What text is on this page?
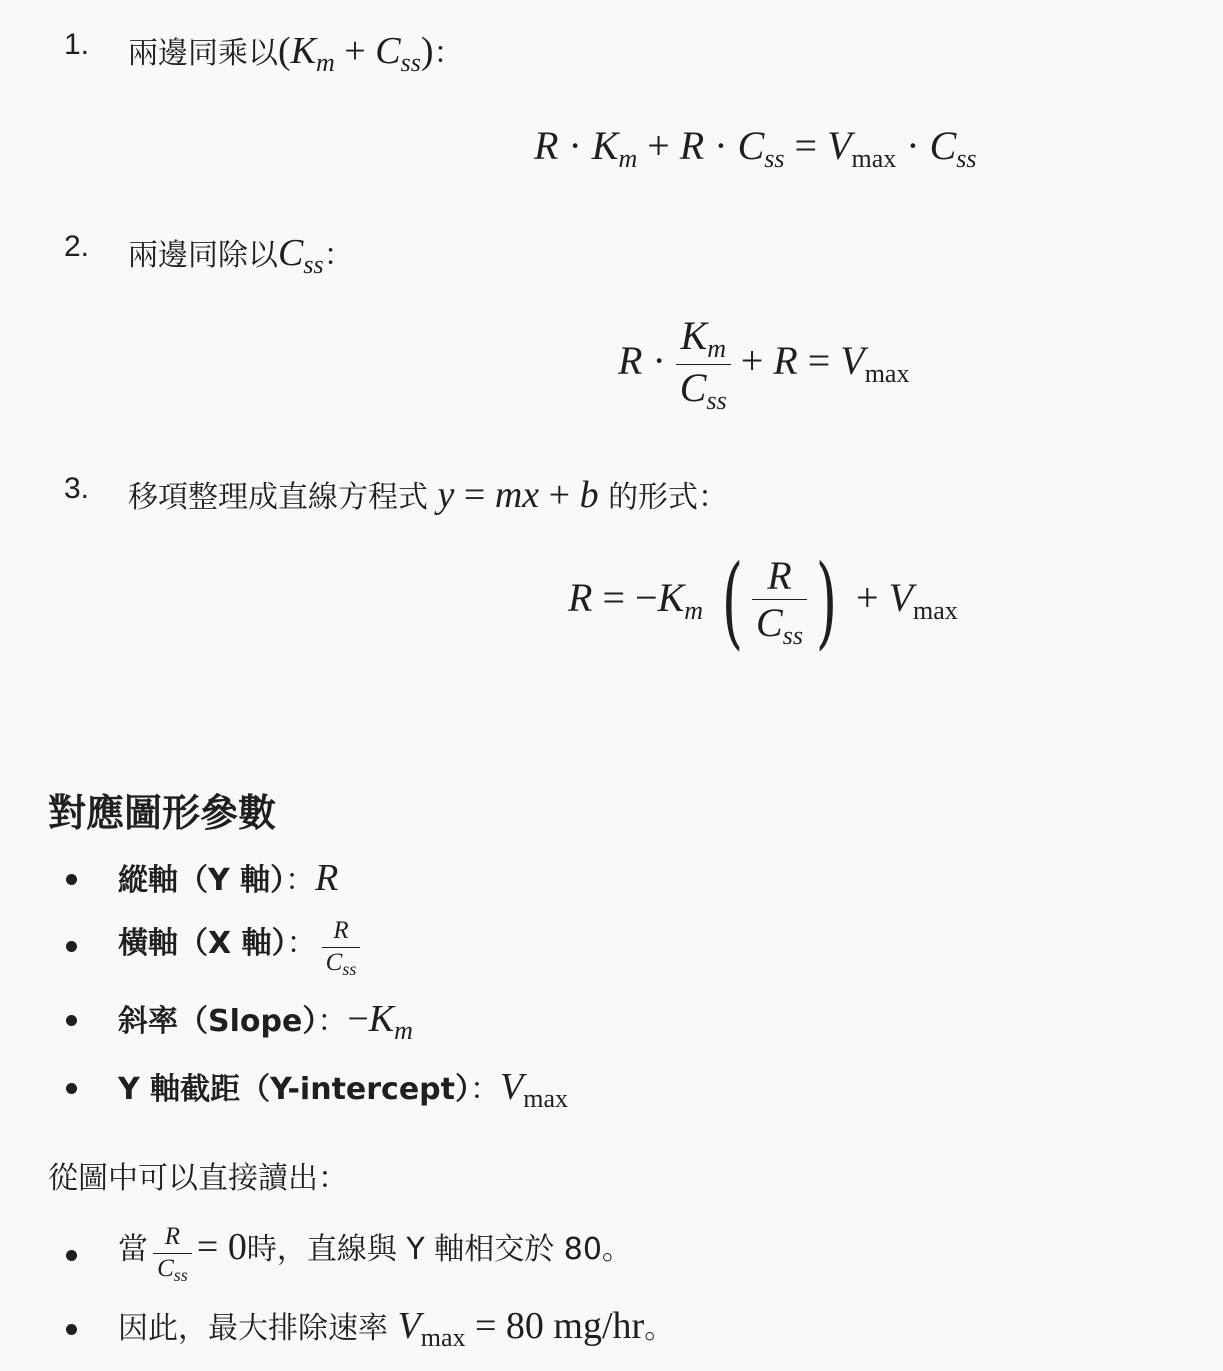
1. 兩邊同乘以$(K_m + C_{ss})$：
$R \cdot K_m + R \cdot C_{ss} = V_{max} \cdot C_{ss}$
2. 兩邊同除以$C_{ss}$：
$R \cdot \frac{K_m}{C_{ss}} + R = V_{max}$
3. 移項整理成直線方程式 y = mx + b 的形式：
$R = -K_m$ ( $\frac{R}{C_{ss}}$ ) + $V_{max}$
對應圖形參數
縱軸（Y 軸）：R
橫軸（X 軸）： $\frac{R}{C_{ss}}$
斜率（Slope）：$-K_m$
Y 軸截距（Y-intercept）：$V_{max}$
從圖中可以直接讀出：
當 $\frac{R}{C_{ss}} = 0$時，直線與 Y 軸相交於 80。
因此，最大排除速率 $V_{max} = 80$ mg/hr。
